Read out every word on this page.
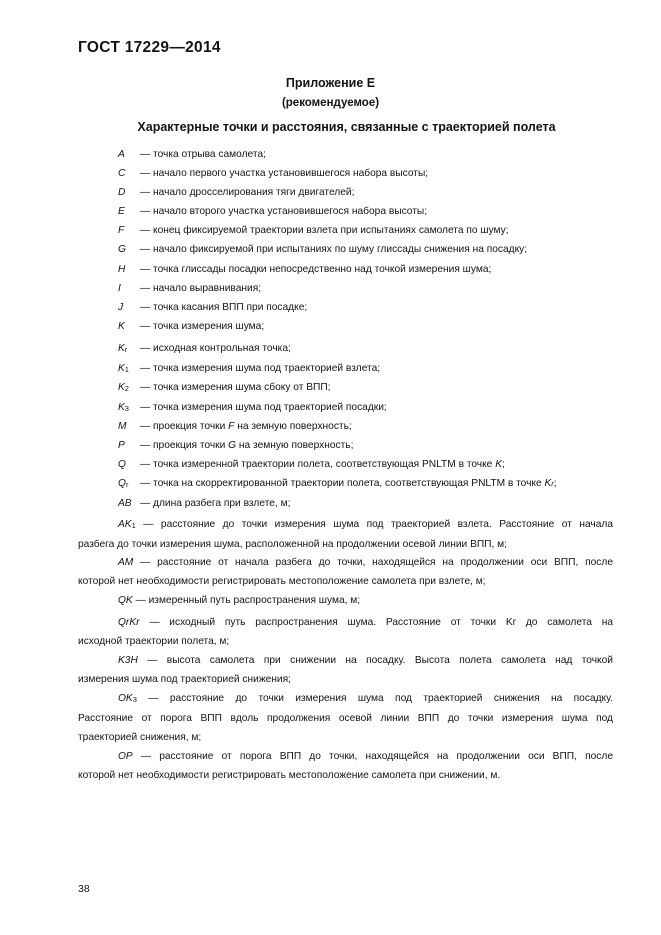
ГОСТ 17229—2014
Приложение Е
(рекомендуемое)
Характерные точки и расстояния, связанные с траекторией полета
A — точка отрыва самолета;
C — начало первого участка установившегося набора высоты;
D — начало дросселирования тяги двигателей;
E — начало второго участка установившегося набора высоты;
F — конец фиксируемой траектории взлета при испытаниях самолета по шуму;
G — начало фиксируемой при испытаниях по шуму глиссады снижения на посадку;
H — точка глиссады посадки непосредственно над точкой измерения шума;
I — начало выравнивания;
J — точка касания ВПП при посадке;
K — точка измерения шума;
Kr — исходная контрольная точка;
K1 — точка измерения шума под траекторией взлета;
K2 — точка измерения шума сбоку от ВПП;
K3 — точка измерения шума под траекторией посадки;
M — проекция точки F на земную поверхность;
P — проекция точки G на земную поверхность;
Q — точка измеренной траектории полета, соответствующая PNLTM в точке K;
Qr — точка на скорректированной траектории полета, соответствующая PNLTM в точке Kr;
AB — длина разбега при взлете, м;
AK1 — расстояние до точки измерения шума под траекторией взлета. Расстояние от начала
разбега до точки измерения шума, расположенной на продолжении осевой линии ВПП, м;
AM — расстояние от начала разбега до точки, находящейся на продолжении оси ВПП, после
которой нет необходимости регистрировать местоположение самолета при взлете, м;
QK — измеренный путь распространения шума, м;
QrKr — исходный путь распространения шума. Расстояние от точки Kr до самолета на
исходной траектории полета, м;
K3H — высота самолета при снижении на посадку. Высота полета самолета над точкой
измерения шума под траекторией снижения;
OK3 — расстояние до точки измерения шума под траекторией снижения на посадку.
Расстояние от порога ВПП вдоль продолжения осевой линии ВПП до точки измерения шума под
траекторией снижения, м;
OP — расстояние от порога ВПП до точки, находящейся на продолжении оси ВПП, после
которой нет необходимости регистрировать местоположение самолета при снижении, м.
38
